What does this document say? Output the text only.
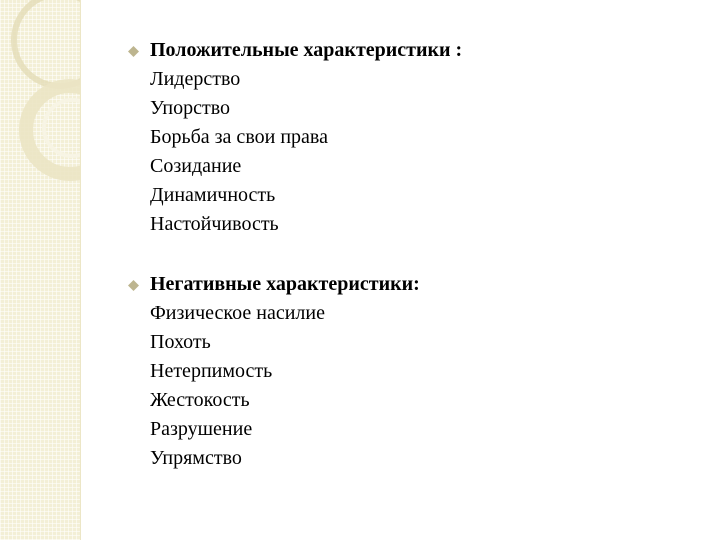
Положительные характеристики :
Лидерство
Упорство
Борьба за свои права
Созидание
Динамичность
Настойчивость
Негативные характеристики:
Физическое насилие
Похоть
Нетерпимость
Жестокость
Разрушение
Упрямство
